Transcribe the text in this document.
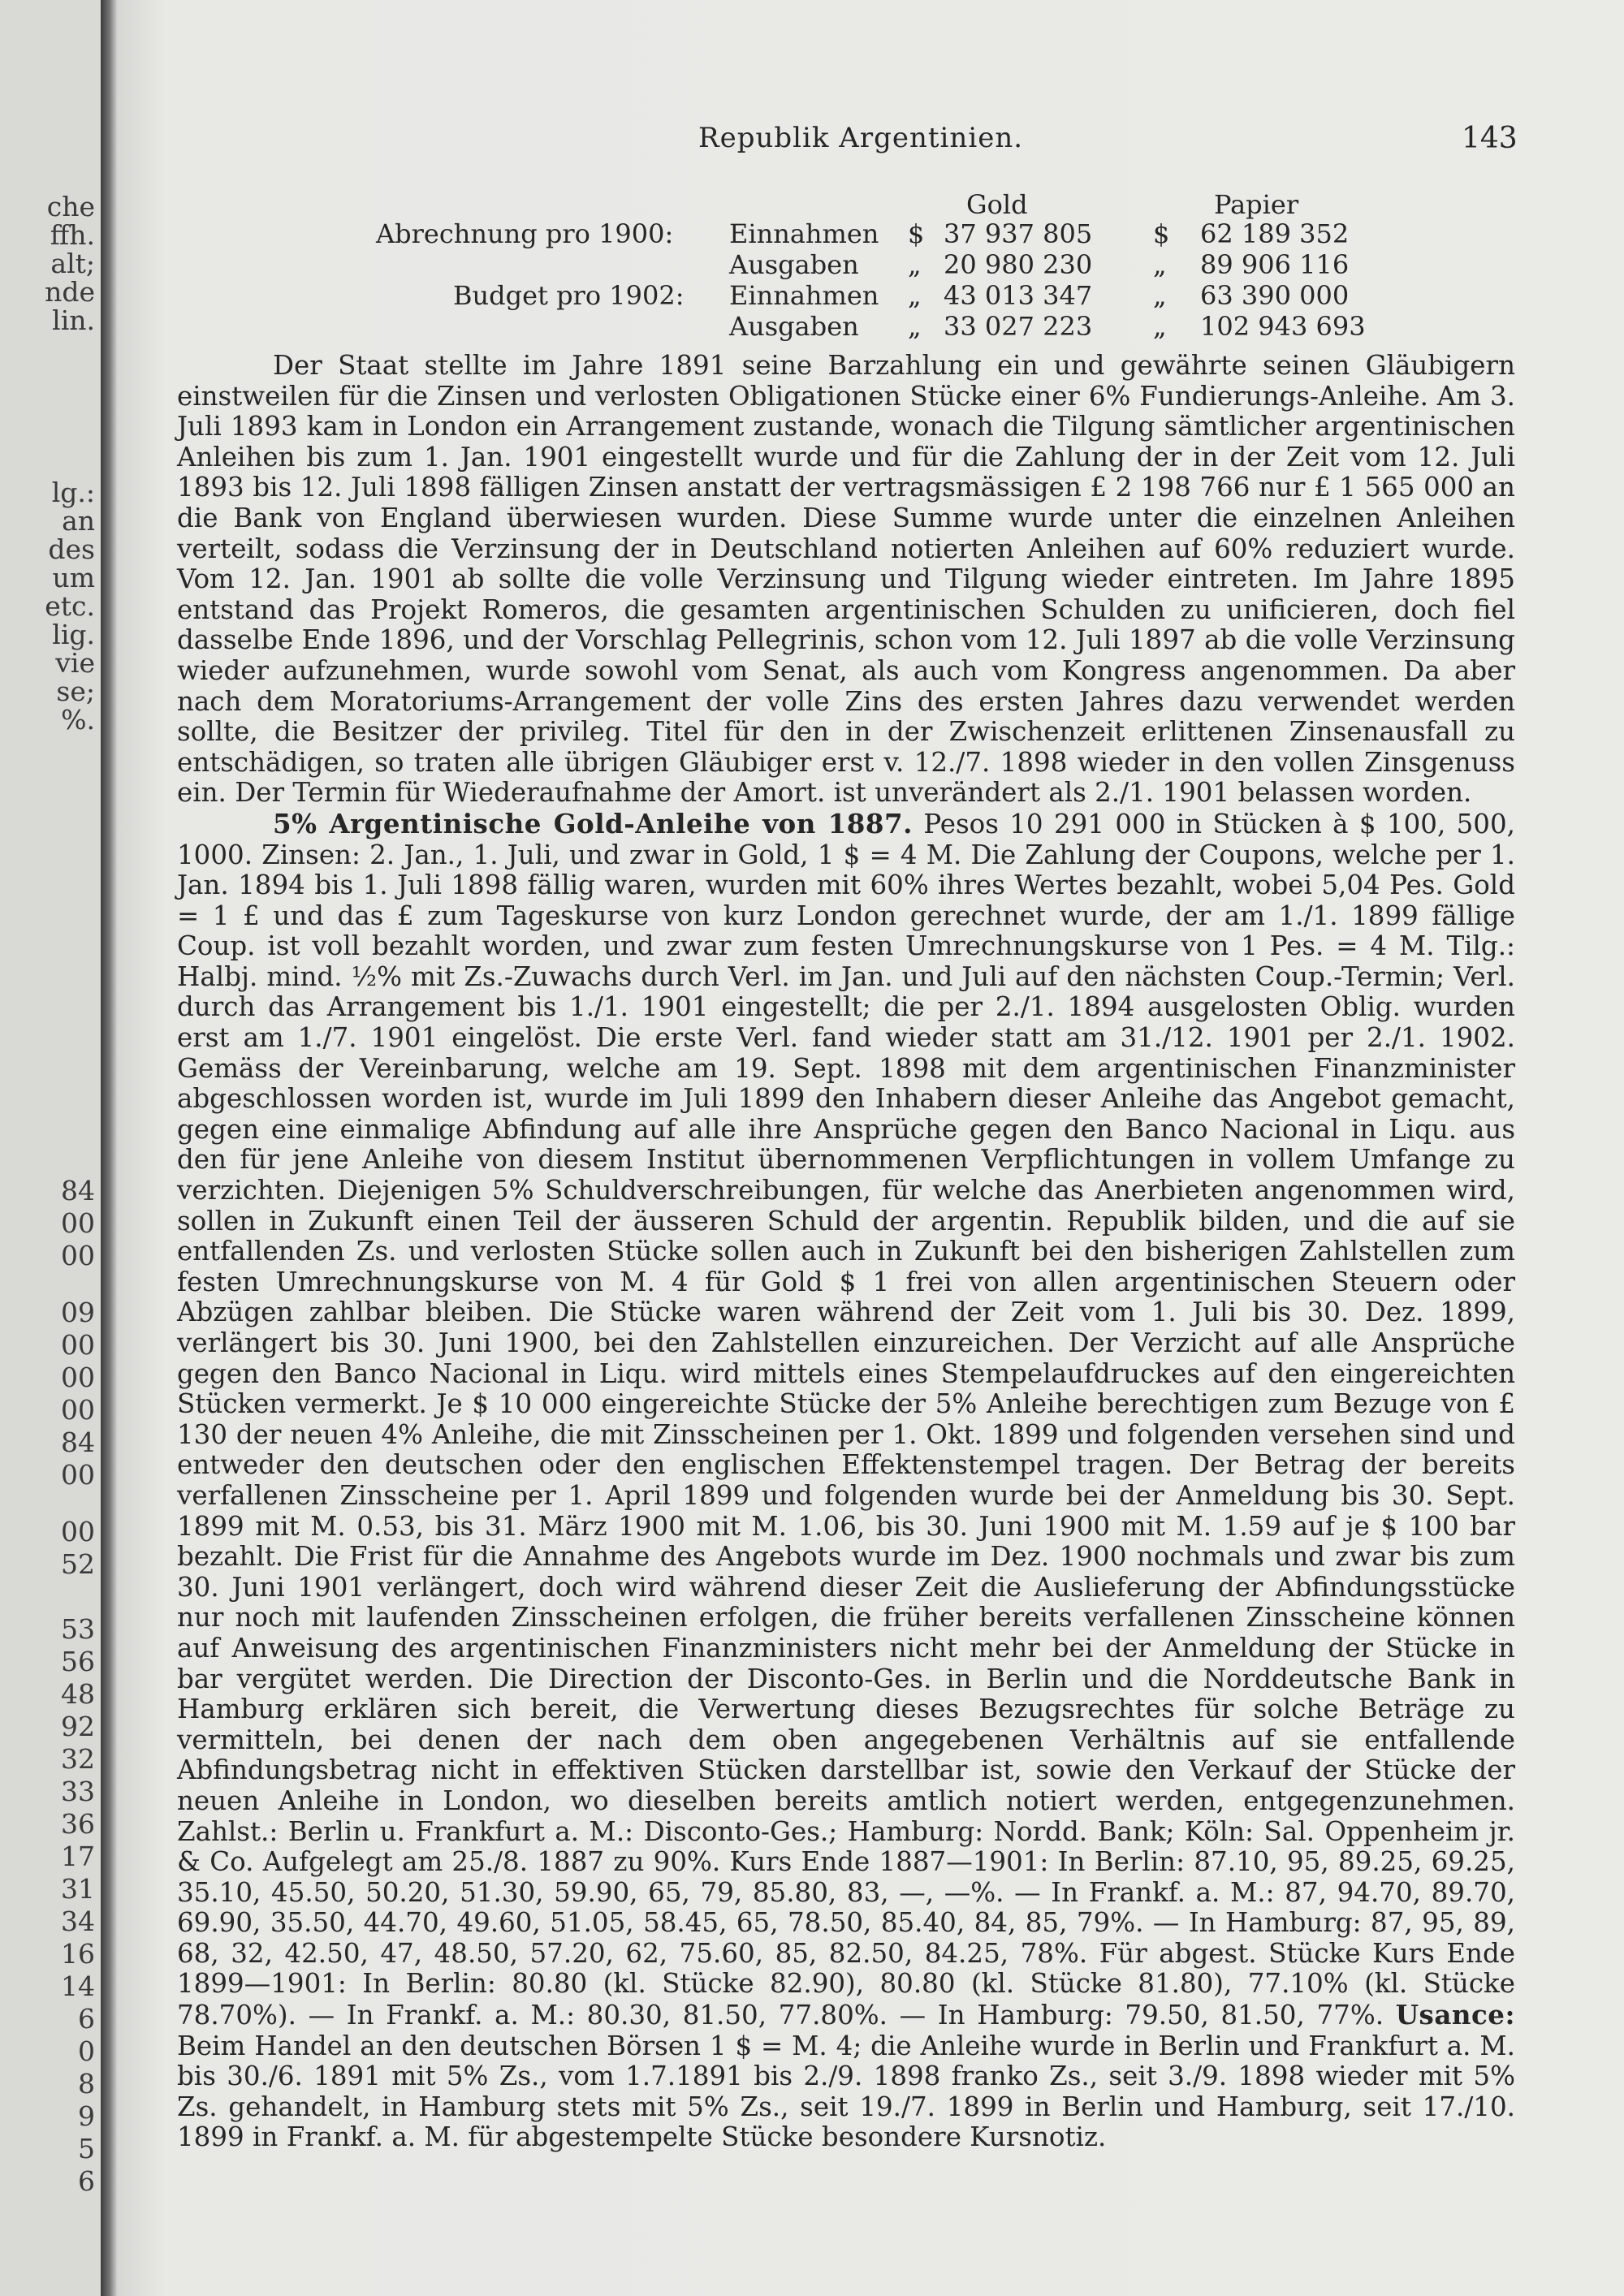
che
ffh.
alt;
nde
lin.
lg.:
an
des
um
etc.
lig.
vie
se;
%.
84
00
00
09
00
00
00
84
00
00
52
53
56
48
92
32
33
36
17
31
34
16
14
6
0
8
9
5
6
Republik Argentinien.	143
Gold	Papier
Abrechnung pro 1900: Einnahmen $ 37 937 805 $ 62 189 352
Ausgaben „ 20 980 230 „ 89 906 116
Budget pro 1902: Einnahmen „ 43 013 347 „ 63 390 000
Ausgaben „ 33 027 223 „ 102 943 693

Der Staat stellte im Jahre 1891 seine Barzahlung ein und gewährte seinen Gläubigern einstweilen für die Zinsen und verlosten Obligationen Stücke einer 6% Fundierungs-Anleihe. Am 3. Juli 1893 kam in London ein Arrangement zustande, wonach die Tilgung sämtlicher argentinischen Anleihen bis zum 1. Jan. 1901 eingestellt wurde und für die Zahlung der in der Zeit vom 12. Juli 1893 bis 12. Juli 1898 fälligen Zinsen anstatt der vertragsmässigen £ 2 198 766 nur £ 1 565 000 an die Bank von England überwiesen wurden. Diese Summe wurde unter die einzelnen Anleihen verteilt, sodass die Verzinsung der in Deutschland notierten Anleihen auf 60% reduziert wurde. Vom 12. Jan. 1901 ab sollte die volle Verzinsung und Tilgung wieder eintreten. Im Jahre 1895 entstand das Projekt Romeros, die gesamten argentinischen Schulden zu unificieren, doch fiel dasselbe Ende 1896, und der Vorschlag Pellegrinis, schon vom 12. Juli 1897 ab die volle Verzinsung wieder aufzunehmen, wurde sowohl vom Senat, als auch vom Kongress angenommen. Da aber nach dem Moratoriums-Arrangement der volle Zins des ersten Jahres dazu verwendet werden sollte, die Besitzer der privileg. Titel für den in der Zwischenzeit erlittenen Zinsenausfall zu entschädigen, so traten alle übrigen Gläubiger erst v. 12./7. 1898 wieder in den vollen Zinsgenuss ein. Der Termin für Wiederaufnahme der Amort. ist unverändert als 2./1. 1901 belassen worden.

5% Argentinische Gold-Anleihe von 1887. Pesos 10 291 000 in Stücken à $ 100, 500, 1000. Zinsen: 2. Jan., 1. Juli, und zwar in Gold, 1 $ = 4 M. Die Zahlung der Coupons, welche per 1. Jan. 1894 bis 1. Juli 1898 fällig waren, wurden mit 60% ihres Wertes bezahlt, wobei 5,04 Pes. Gold = 1 £ und das £ zum Tageskurse von kurz London gerechnet wurde, der am 1./1. 1899 fällige Coup. ist voll bezahlt worden, und zwar zum festen Umrechnungskurse von 1 Pes. = 4 M. Tilg.: Halbj. mind. ½% mit Zs.-Zuwachs durch Verl. im Jan. und Juli auf den nächsten Coup.-Termin; Verl. durch das Arrangement bis 1./1. 1901 eingestellt; die per 2./1. 1894 ausgelosten Oblig. wurden erst am 1./7. 1901 eingelöst. Die erste Verl. fand wieder statt am 31./12. 1901 per 2./1. 1902. Gemäss der Vereinbarung, welche am 19. Sept. 1898 mit dem argentinischen Finanzminister abgeschlossen worden ist, wurde im Juli 1899 den Inhabern dieser Anleihe das Angebot gemacht, gegen eine einmalige Abfindung auf alle ihre Ansprüche gegen den Banco Nacional in Liqu. aus den für jene Anleihe von diesem Institut übernommenen Verpflichtungen in vollem Umfange zu verzichten. Diejenigen 5% Schuldverschreibungen, für welche das Anerbieten angenommen wird, sollen in Zukunft einen Teil der äusseren Schuld der argentin. Republik bilden, und die auf sie entfallenden Zs. und verlosten Stücke sollen auch in Zukunft bei den bisherigen Zahlstellen zum festen Umrechnungskurse von M. 4 für Gold $ 1 frei von allen argentinischen Steuern oder Abzügen zahlbar bleiben. Die Stücke waren während der Zeit vom 1. Juli bis 30. Dez. 1899, verlängert bis 30. Juni 1900, bei den Zahlstellen einzureichen. Der Verzicht auf alle Ansprüche gegen den Banco Nacional in Liqu. wird mittels eines Stempelaufdruckes auf den eingereichten Stücken vermerkt. Je $ 10 000 eingereichte Stücke der 5% Anleihe berechtigen zum Bezuge von £ 130 der neuen 4% Anleihe, die mit Zinsscheinen per 1. Okt. 1899 und folgenden versehen sind und entweder den deutschen oder den englischen Effektenstempel tragen. Der Betrag der bereits verfallenen Zinsscheine per 1. April 1899 und folgenden wurde bei der Anmeldung bis 30. Sept. 1899 mit M. 0.53, bis 31. März 1900 mit M. 1.06, bis 30. Juni 1900 mit M. 1.59 auf je $ 100 bar bezahlt. Die Frist für die Annahme des Angebots wurde im Dez. 1900 nochmals und zwar bis zum 30. Juni 1901 verlängert, doch wird während dieser Zeit die Auslieferung der Abfindungsstücke nur noch mit laufenden Zinsscheinen erfolgen, die früher bereits verfallenen Zinsscheine können auf Anweisung des argentinischen Finanzministers nicht mehr bei der Anmeldung der Stücke in bar vergütet werden. Die Direction der Disconto-Ges. in Berlin und die Norddeutsche Bank in Hamburg erklären sich bereit, die Verwertung dieses Bezugsrechtes für solche Beträge zu vermitteln, bei denen der nach dem oben angegebenen Verhältnis auf sie entfallende Abfindungsbetrag nicht in effektiven Stücken darstellbar ist, sowie den Verkauf der Stücke der neuen Anleihe in London, wo dieselben bereits amtlich notiert werden, entgegenzunehmen. Zahlst.: Berlin u. Frankfurt a. M.: Disconto-Ges.; Hamburg: Nordd. Bank; Köln: Sal. Oppenheim jr. & Co. Aufgelegt am 25./8. 1887 zu 90%. Kurs Ende 1887—1901: In Berlin: 87.10, 95, 89.25, 69.25, 35.10, 45.50, 50.20, 51.30, 59.90, 65, 79, 85.80, 83, —, —%. — In Frankf. a. M.: 87, 94.70, 89.70, 69.90, 35.50, 44.70, 49.60, 51.05, 58.45, 65, 78.50, 85.40, 84, 85, 79%. — In Hamburg: 87, 95, 89, 68, 32, 42.50, 47, 48.50, 57.20, 62, 75.60, 85, 82.50, 84.25, 78%. Für abgest. Stücke Kurs Ende 1899—1901: In Berlin: 80.80 (kl. Stücke 82.90), 80.80 (kl. Stücke 81.80), 77.10% (kl. Stücke 78.70%). — In Frankf. a. M.: 80.30, 81.50, 77.80%. — In Hamburg: 79.50, 81.50, 77%. Usance: Beim Handel an den deutschen Börsen 1 $ = M. 4; die Anleihe wurde in Berlin und Frankfurt a. M. bis 30./6. 1891 mit 5% Zs., vom 1.7.1891 bis 2./9. 1898 franko Zs., seit 3./9. 1898 wieder mit 5% Zs. gehandelt, in Hamburg stets mit 5% Zs., seit 19./7. 1899 in Berlin und Hamburg, seit 17./10. 1899 in Frankf. a. M. für abgestempelte Stücke besondere Kursnotiz.
